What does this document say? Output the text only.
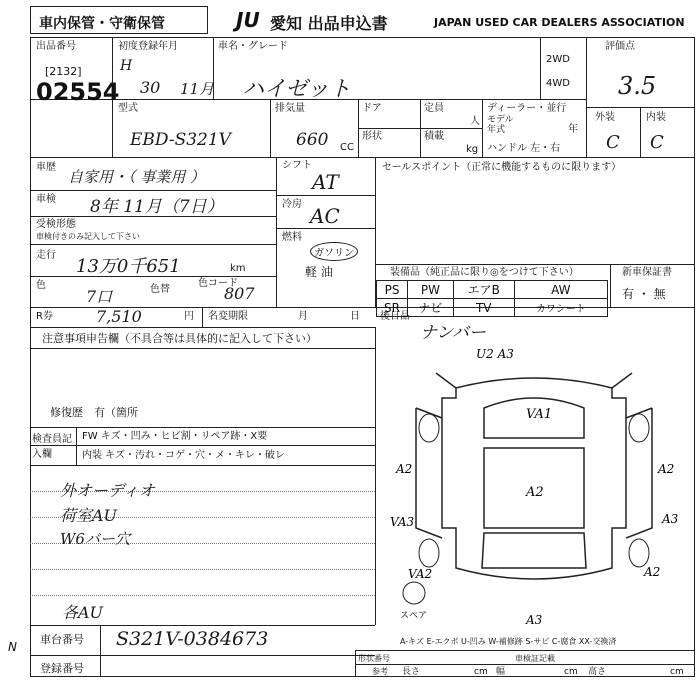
車内保管・守衛保管	JU 愛知 出品申込書	JAPAN USED CAR DEALERS ASSOCIATION
出品番号
[2132]
02554
初度登録年月
H
30 11月
車名・グレード
ハイゼット
2WD
4WD
評価点
3.5
外装	内装
C C
型式
EBD-S321V
排気量
660 CC
ドア
形状
定員
人
積載
kg
ディーラー・並行
モデル
年式	年
ハンドル 左・右
車歴
自家用・（ 事業用 ）
車検 8年 11月（7日）
受検形態
車検付きのみ記入して下さい
走行
13万0千651	km
色
7口	色替
色コード
807
シフト
AT
冷房 AC
燃料
ガソリン
軽 油
セールスポイント（正常に機能するものに限ります）
装備品（純正品に限り◎をつけて下さい）
PS	PW	エアB	AW
SR	ナビ	TV	カワシート
新車保証書
有 ・ 無
R券	7,510	円 名変期限	月	日 後日品
ナンバー
注意事項申告欄（不具合等は具体的に記入して下さい）
修復歴　有（箇所
検査員記入欄
FW キズ・凹み・ヒビ割・リペア跡・X要
内装 キズ・汚れ・コゲ・穴・メ・キレ・破レ
外オーディオ
荷室AU
W6バー穴
各AU
U2 A3
VA1
A2
A2	A2
A3
VA3
VA2	A2
A3
スペア
車台番号 S321V-0384673
登録番号
N	A-キズ E-エクボ U-凹み W-補修跡 S-サビ C-腐食 XX-交換済
形状番号	車検証記載
参考 長さ	cm 幅	cm 高さ	cm
